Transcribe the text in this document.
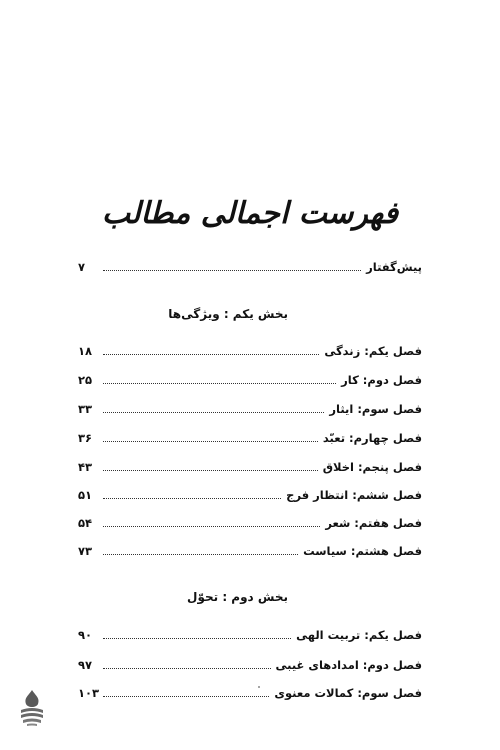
فهرست اجمالی مطالب
پیش‌گفتار
۷
بخش یکم : ویژگی‌ها
فصل یکم: زندگی
۱۸
فصل دوم: کار
۲۵
فصل سوم: ایثار
۳۳
فصل چهارم: تعبّد
۳۶
فصل پنجم: اخلاق
۴۳
فصل ششم: انتظار فرج
۵۱
فصل هفتم: شعر
۵۴
فصل هشتم: سیاست
۷۳
بخش دوم : تحوّل
فصل یکم: تربیت الهی
۹۰
فصل دوم: امدادهای غیبی
۹۷
فصل سوم: کمالات معنوی
۱۰۳
